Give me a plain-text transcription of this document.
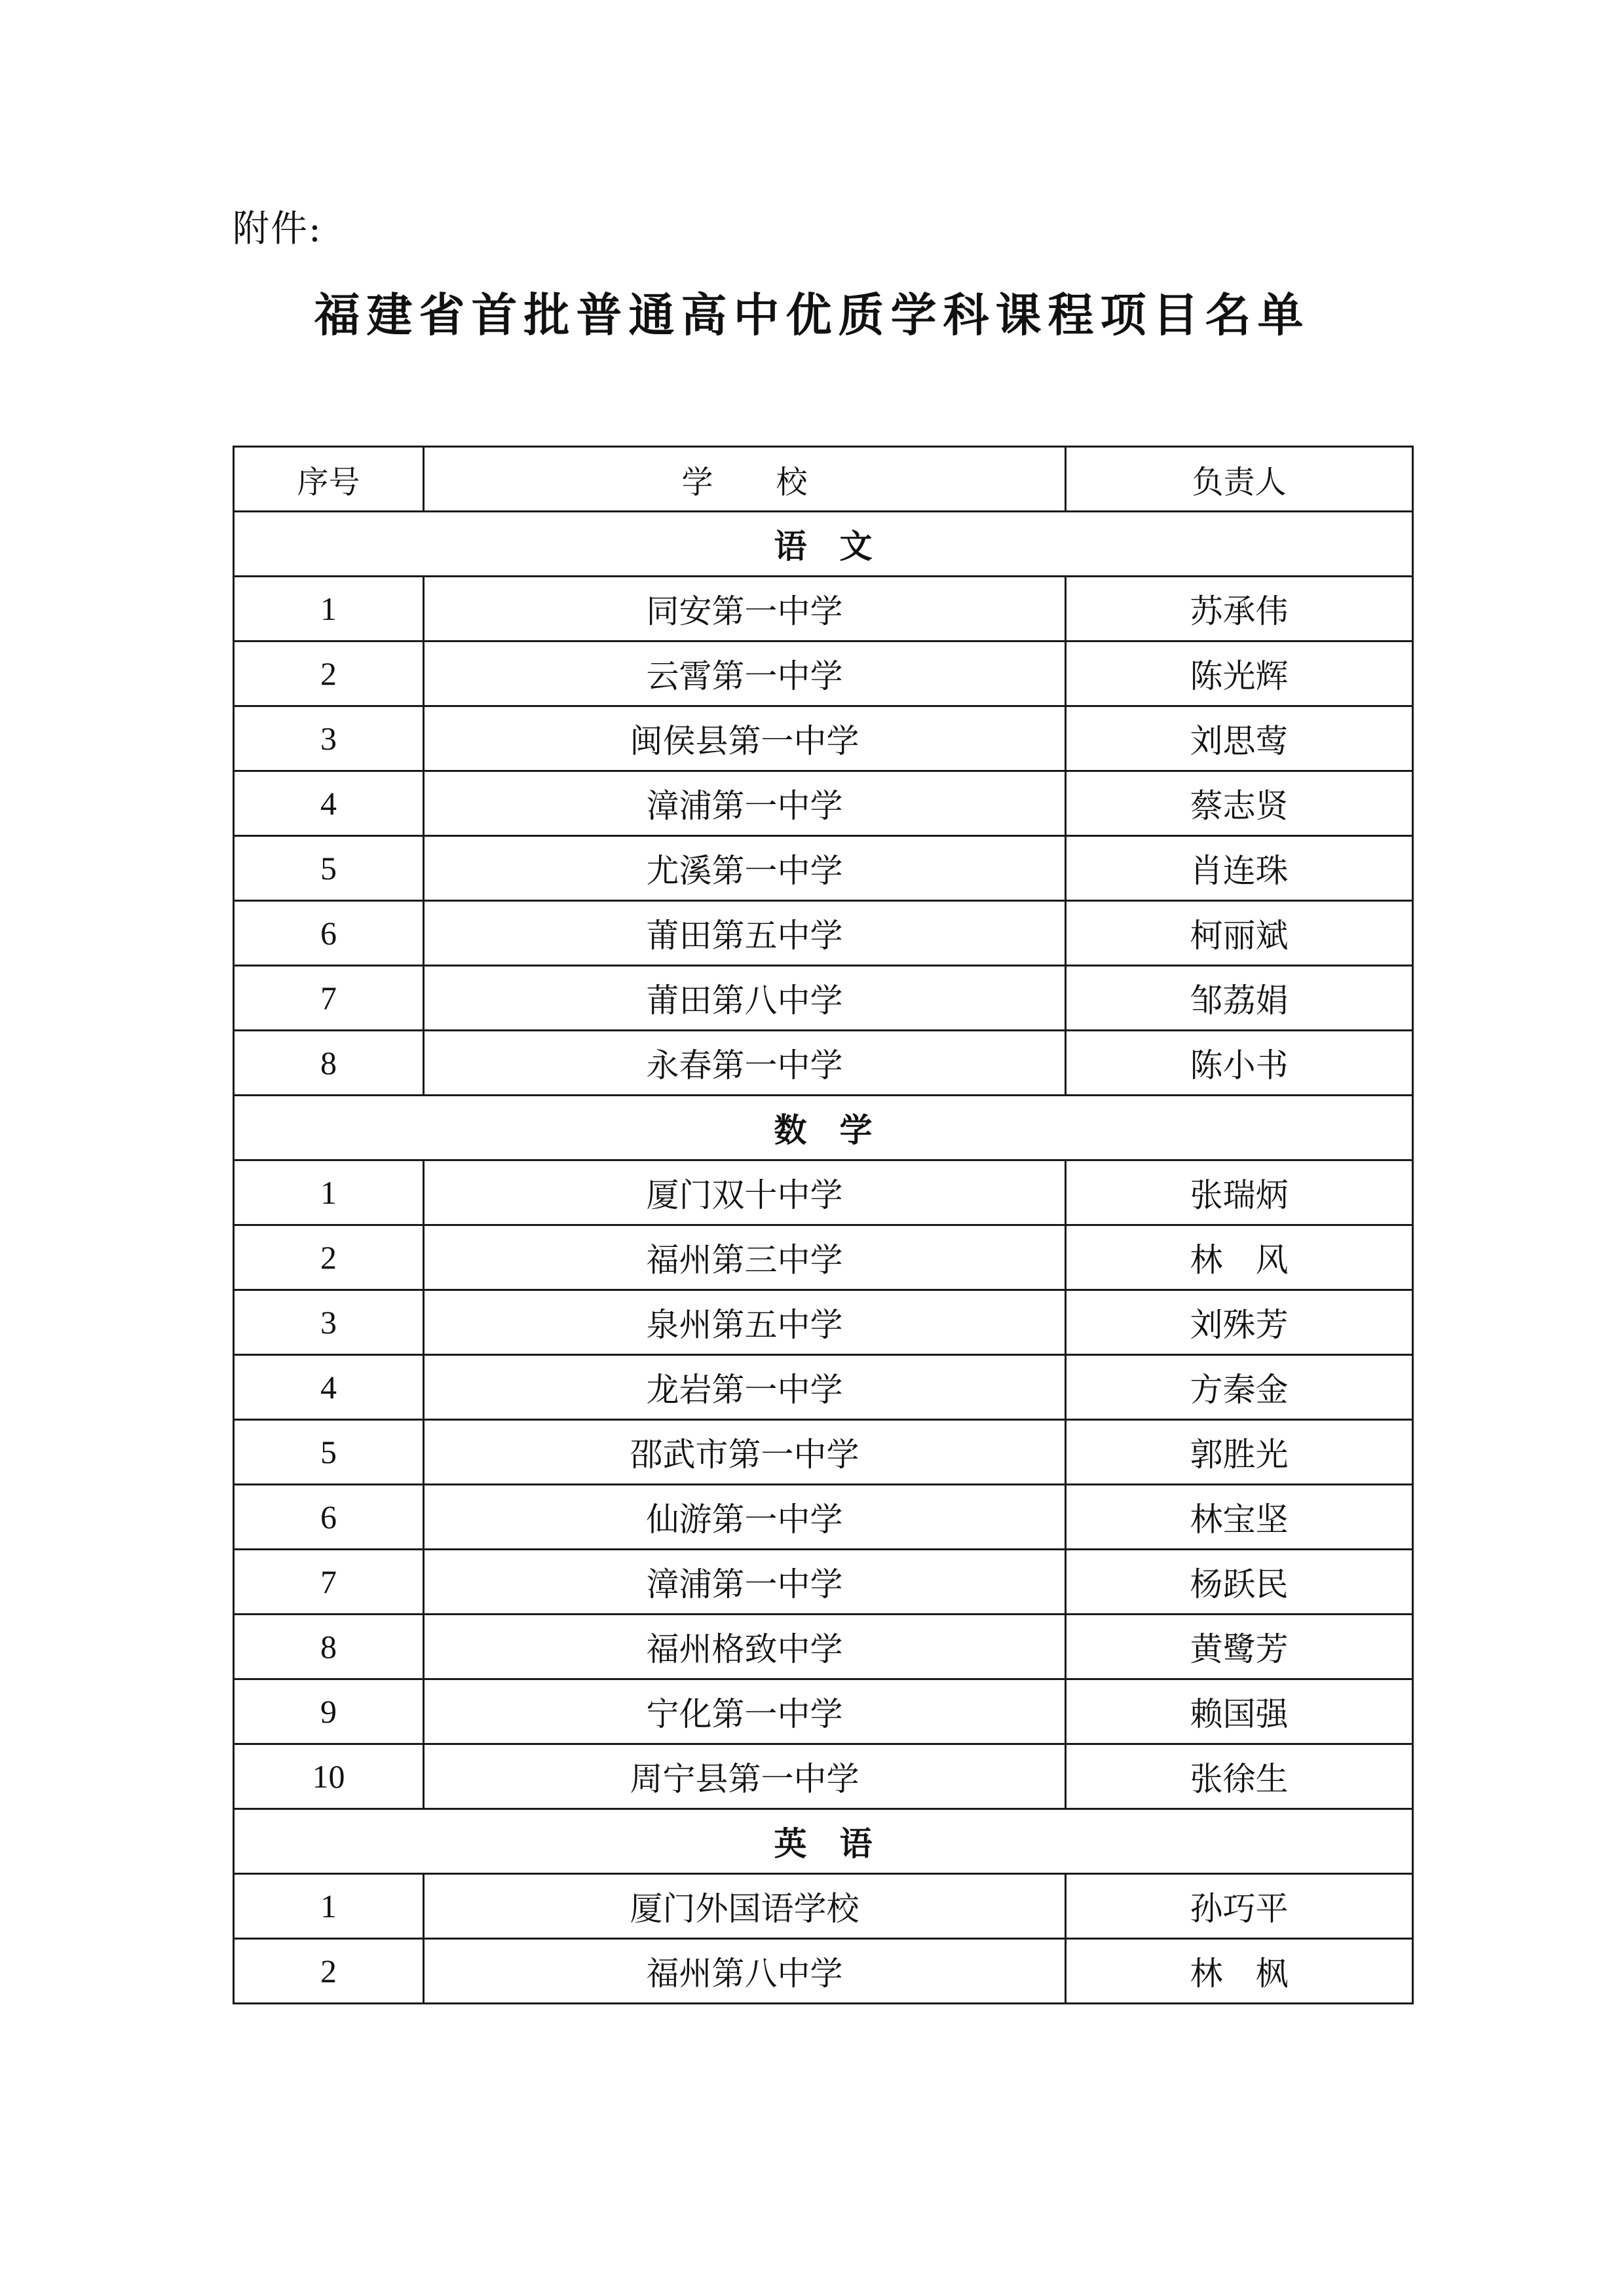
附件:
福建省首批普通高中优质学科课程项目名单
序号	学　　校	负责人
语　文		
1	同安第一中学	苏承伟
2	云霄第一中学	陈光辉
3	闽侯县第一中学	刘思莺
4	漳浦第一中学	蔡志贤
5	尤溪第一中学	肖连珠
6	莆田第五中学	柯丽斌
7	莆田第八中学	邹荔娟
8	永春第一中学	陈小书
数　学		
1	厦门双十中学	张瑞炳
2	福州第三中学	林　风
3	泉州第五中学	刘殊芳
4	龙岩第一中学	方秦金
5	邵武市第一中学	郭胜光
6	仙游第一中学	林宝坚
7	漳浦第一中学	杨跃民
8	福州格致中学	黄鹭芳
9	宁化第一中学	赖国强
10	周宁县第一中学	张徐生
英　语		
1	厦门外国语学校	孙巧平
2	福州第八中学	林　枫
